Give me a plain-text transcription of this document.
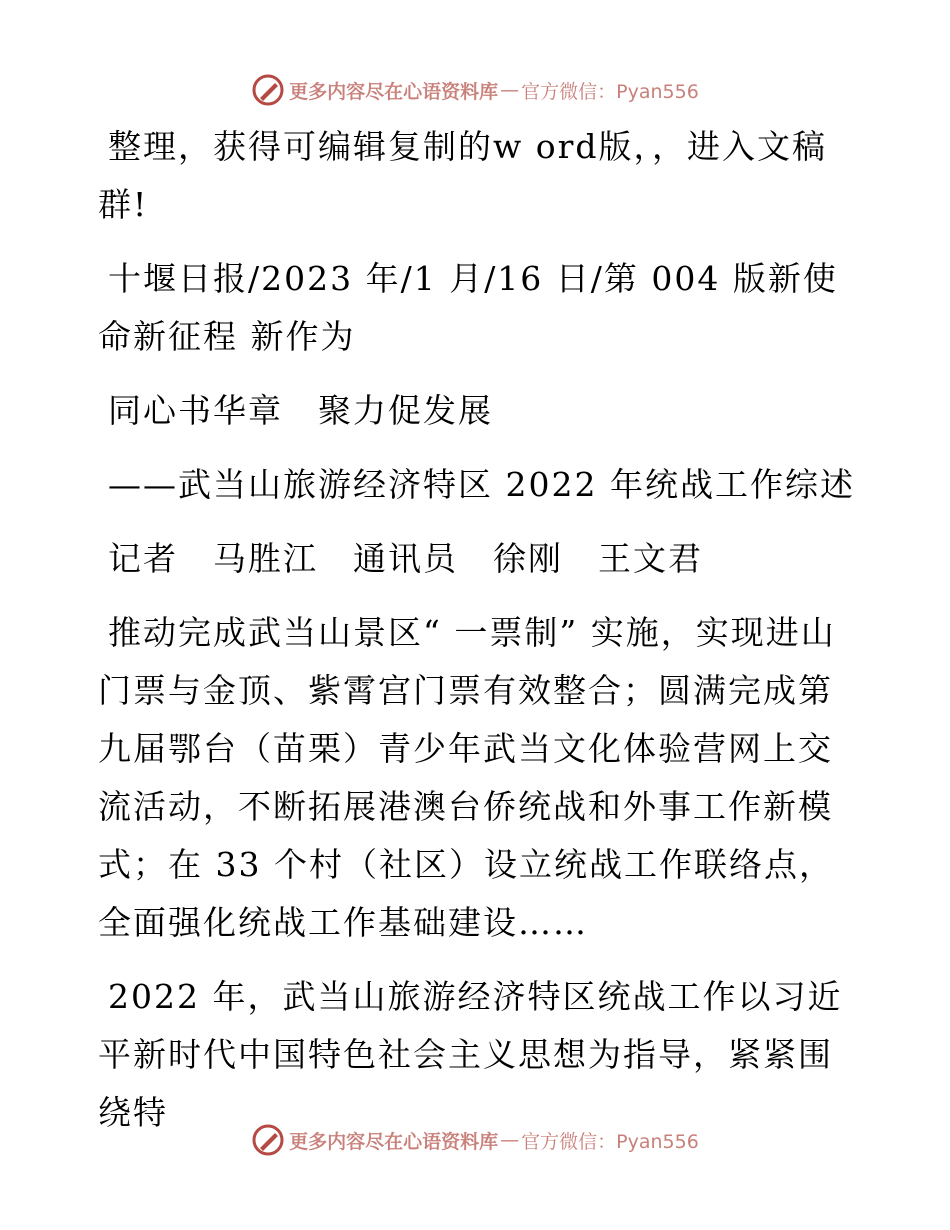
更多内容尽在心语资料库 — 官方微信：Pyan556

整理，获得可编辑复制的w ord版，，进入文稿群!

十堰日报/2023 年/1 月/16 日/第 004 版新使命新征程 新作为

同心书华章　聚力促发展

——武当山旅游经济特区 2022 年统战工作综述

记者　马胜江　通讯员　徐刚　王文君

推动完成武当山景区“ 一票制” 实施，实现进山门票与金顶、紫霄宫门票有效整合；圆满完成第九届鄂台（苗栗）青少年武当文化体验营网上交流活动，不断拓展港澳台侨统战和外事工作新模式；在 33 个村（社区）设立统战工作联络点，全面强化统战工作基础建设……

2022 年，武当山旅游经济特区统战工作以习近平新时代中国特色社会主义思想为指导，紧紧围绕特

更多内容尽在心语资料库 — 官方微信：Pyan556
